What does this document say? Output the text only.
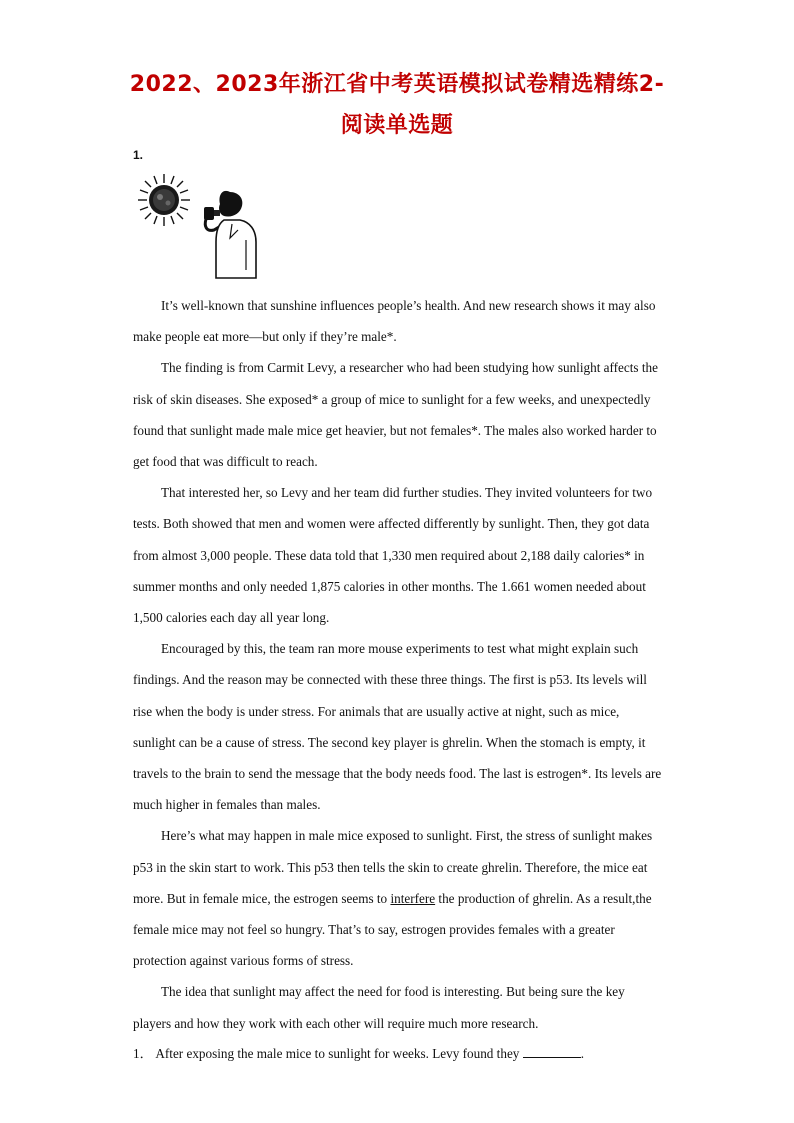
2022、2023年浙江省中考英语模拟试卷精选精练2-
阅读单选题
1.

It’s well-known that sunshine influences people’s health. And new research shows it may also make people eat more—but only if they’re male*.

The finding is from Carmit Levy, a researcher who had been studying how sunlight affects the risk of skin diseases. She exposed* a group of mice to sunlight for a few weeks, and unexpectedly found that sunlight made male mice get heavier, but not females*. The males also worked harder to get food that was difficult to reach.

That interested her, so Levy and her team did further studies. They invited volunteers for two tests. Both showed that men and women were affected differently by sunlight. Then, they got data from almost 3,000 people. These data told that 1,330 men required about 2,188 daily calories* in summer months and only needed 1,875 calories in other months. The 1.661 women needed about 1,500 calories each day all year long.

Encouraged by this, the team ran more mouse experiments to test what might explain such findings. And the reason may be connected with these three things. The first is p53. Its levels will rise when the body is under stress. For animals that are usually active at night, such as mice, sunlight can be a cause of stress. The second key player is ghrelin. When the stomach is empty, it travels to the brain to send the message that the body needs food. The last is estrogen*. Its levels are much higher in females than males.

Here’s what may happen in male mice exposed to sunlight. First, the stress of sunlight makes p53 in the skin start to work. This p53 then tells the skin to create ghrelin. Therefore, the mice eat more. But in female mice, the estrogen seems to interfere the production of ghrelin. As a result,the female mice may not feel so hungry. That’s to say, estrogen provides females with a greater protection against various forms of stress.

The idea that sunlight may affect the need for food is interesting. But being sure the key players and how they work with each other will require much more research.

1． After exposing the male mice to sunlight for weeks. Levy found they	.
